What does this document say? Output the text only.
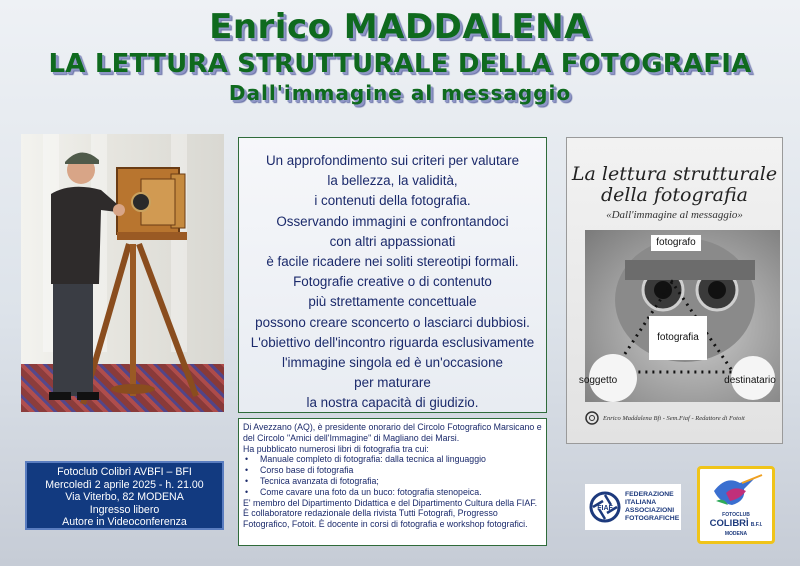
Enrico MADDALENA
LA LETTURA STRUTTURALE DELLA FOTOGRAFIA
Dall'immagine al messaggio

Un approfondimento sui criteri per valutare

la bellezza, la validità,

i contenuti della fotografia.

Osservando immagini e confrontandoci

con altri appassionati

è facile ricadere nei soliti stereotipi formali.

Fotografie creative o di contenuto

più strettamente concettuale

possono creare sconcerto o lasciarci dubbiosi.

L'obiettivo dell'incontro riguarda esclusivamente

l'immagine singola ed è un'occasione

per maturare

la nostra capacità di giudizio.

La lettura strutturale
della fotografia
«Dall'immagine al messaggio»
fotografo
fotografia
soggetto	destinatario
Enrico Maddalena Bfi - Sem.Fiaf - Redattore di Fotoit
Di Avezzano (AQ), è presidente onorario del Circolo Fotografico Marsicano e del Circolo "Amici dell'Immagine" di Magliano dei Marsi.
Ha pubblicato numerosi libri di fotografia tra cui:
• Manuale completo di fotografia: dalla tecnica al linguaggio
• Corso base di fotografia
• Tecnica avanzata di fotografia;
• Come cavare una foto da un buco: fotografia stenopeica.
E' membro del Dipartimento Didattica e del Dipartimento Cultura della FIAF.
È collaboratore redazionale della rivista Tutti Fotografi, Progresso Fotografico, Fotoit. È docente in corsi di fotografia e workshop fotografici.
Fotoclub Colibrì AVBFI – BFI
Mercoledì 2 aprile 2025 - h. 21.00
Via Viterbo, 82 MODENA
Ingresso libero
Autore in Videoconferenza
FIAF
FEDERAZIONE
ITALIANA
ASSOCIAZIONI
FOTOGRAFICHE	FOTOCLUB
COLIBRÌ B.F.I.
MODENA
